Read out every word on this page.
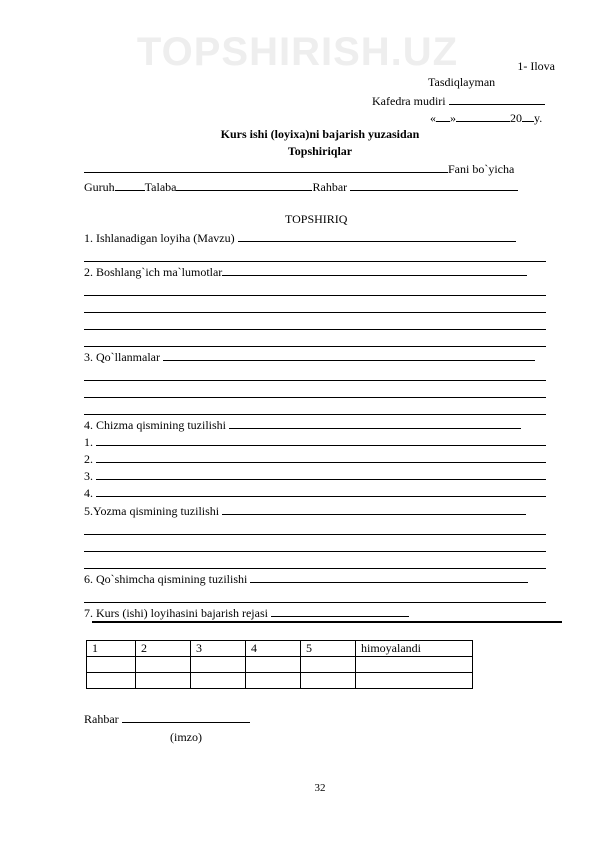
TOPSHIRISH.UZ	1- Ilova
Tasdiqlayman
Kafedra mudiri
« »	20 y.
Kurs ishi (loyixa)ni bajarish yuzasidan
Topshiriqlar
Fani bo`yicha
Guruh	Talaba	Rahbar
TOPSHIRIQ
1. Ishlanadigan loyiha (Mavzu)
2. Boshlang`ich ma`lumotlar
3. Qo`llanmalar
4. Chizma qismining tuzilishi
1.
2.
3.
4.
5.Yozma qismining tuzilishi
6. Qo`shimcha qismining tuzilishi
7. Kurs (ishi) loyihasini bajarish rejasi
1	2	3	4	5	himoyalandi

Rahbar
(imzo)
32
